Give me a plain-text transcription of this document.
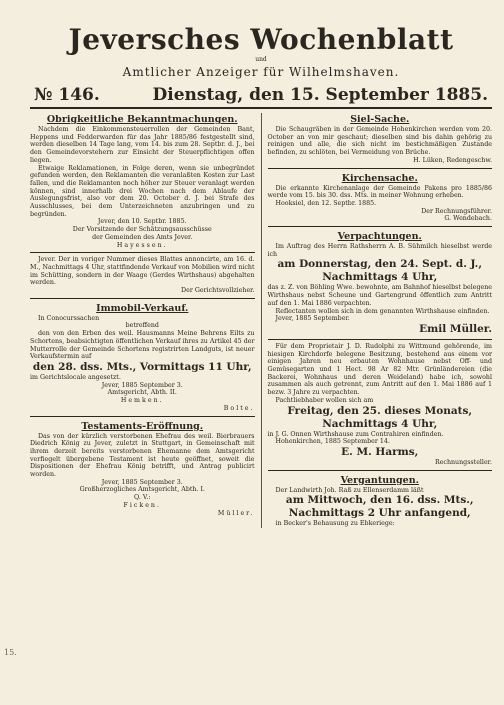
Jeversches Wochenblatt
und
Amtlicher Anzeiger für Wilhelmshaven.
№ 146.	Dienstag, den 15. September 1885.
Obrigkeitliche Bekanntmachungen.

Nachdem die Einkommensteuerrollen der Gemeinden Bant, Heppens und Fedderwarden für das Jahr 1885/86 festgestellt sind, werden dieselben 14 Tage lang, vom 14. bis zum 28. Septbr. d. J., bei den Gemeindevorstehern zur Einsicht der Steuerpflichtigen offen liegen.

Etwaige Reklamationen, in Folge deren, wenn sie unbegründet gefunden werden, den Reklamanten die veranlaßten Kosten zur Last fallen, und die Reklamanten noch höher zur Steuer veranlagt werden können, sind innerhalb drei Wochen nach dem Ablaufe der Auslegungsfrist, also vor dem 20. October d. J. bei Strafe des Ausschlusses, bei dem Unterzeichneten anzubringen und zu begründen.

Jever, den 10. Septbr. 1885.

Der Vorsitzende der Schätzungsausschüsse

der Gemeinden des Amts Jever.

Hayessen.

Jever. Der in voriger Nummer dieses Blattes annoncirte, am 16. d. M., Nachmittags 4 Uhr, stattfindende Verkauf von Mobilien wird nicht im Schütting, sondern in der Waage (Gerdes Wirthshaus) abgehalten werden.

Der Gerichtsvollzieher.

Immobil-Verkauf.

In Conocurssachen

betreffend

den von den Erben des weil. Hausmanns Meine Behrens Eilts zu Schortens, beabsichtigten öffentlichen Verkauf ihres zu Artikel 45 der Mutterrolle der Gemeinde Schortens registrirten Landguts, ist neuer Verkaufstermin auf

den 28. dss. Mts., Vormittags 11 Uhr,

im Gerichtslocale angesetzt.

Jever, 1885 September 3.

Amtsgericht, Abth. II.

Hemken.

Bolte.

Testaments-Eröffnung.

Das von der kürzlich verstorbenen Ehefrau des weil. Bierbrauers Diedrich König zu Jever, zuletzt in Stuttgart, in Gemeinschaft mit ihrem derzeit bereits verstorbenen Ehemanne dem Amtsgericht verfiegelt übergebene Testament ist heute geöffnet, soweit die Dispositionen der Ehefrau König betrifft, und Antrag publicirt worden.

Jever, 1885 September 3.

Großherzogliches Amtsgericht, Abth. I.

Q. V.:

Ficken.

Müller.

Siel-Sache.

Die Schaugräben in der Gemeinde Hohenkirchen werden vom 20. October an von mir geschaut; dieselben sind bis dahin gehörig zu reinigen und alle, die sich nicht im bestichmäßigen Zustande befinden, zu schlöten, bei Vermeidung von Brüche.

H. Lüken, Redengeschw.

Kirchensache.

Die erkannte Kirchenanlage der Gemeinde Pakens pro 1885/86 werde vom 15. bis 30. dss. Mts. in meiner Wohnung erheben.

Hooksiel, den 12. Septbr. 1885.

Der Rechnungsführer.

G. Wendebach.

Verpachtungen.

Im Auftrag des Herrn Rathsherrn A. B. Sühmilch hieselbst werde ich

am Donnerstag, den 24. Sept. d. J.,

Nachmittags 4 Uhr,

das z. Z. von Böhling Wwe. bewohnte, am Bahnhof hieselbst belegene Wirthshaus nebst Scheune und Gartengrund öffentlich zum Antritt auf den 1. Mai 1886 verpachten.

Reflectanten wollen sich in dem genannten Wirthshause einfinden.

Jever, 1885 September.

Emil Müller.

Für dem Proprietair J. D. Rudolphi zu Wittmund gehörende, im hiesigen Kirchdorfe belegene Besitzung, bestehend aus einem vor einigen Jahren neu erbauten Wohnhause nebst Off- und Gemüsegarten und 1 Hect. 98 Ar 82 Mtr. Grünländereien (die Backerei, Wohnhaus und deren Weideland) habe ich, sowohl zusammen als auch getrennt, zum Antritt auf den 1. Mai 1886 auf 1 bezw. 3 Jahre zu verpachten.

Pachtliebhaber wollen sich am

Freitag, den 25. dieses Monats,

Nachmittags 4 Uhr,

in J. G. Onnen Wirthshause zum Contrahiren einfinden.

Hohenkirchen, 1885 September 14.

E. M. Harms,

Rechnungssteller.

Vergantungen.

Der Landwirth Joh. Raß zu Ellenserdamm läßt

am Mittwoch, den 16. dss. Mts.,

Nachmittags 2 Uhr anfangend,

in Becker's Behausung zu Ebkeriege:

15.
